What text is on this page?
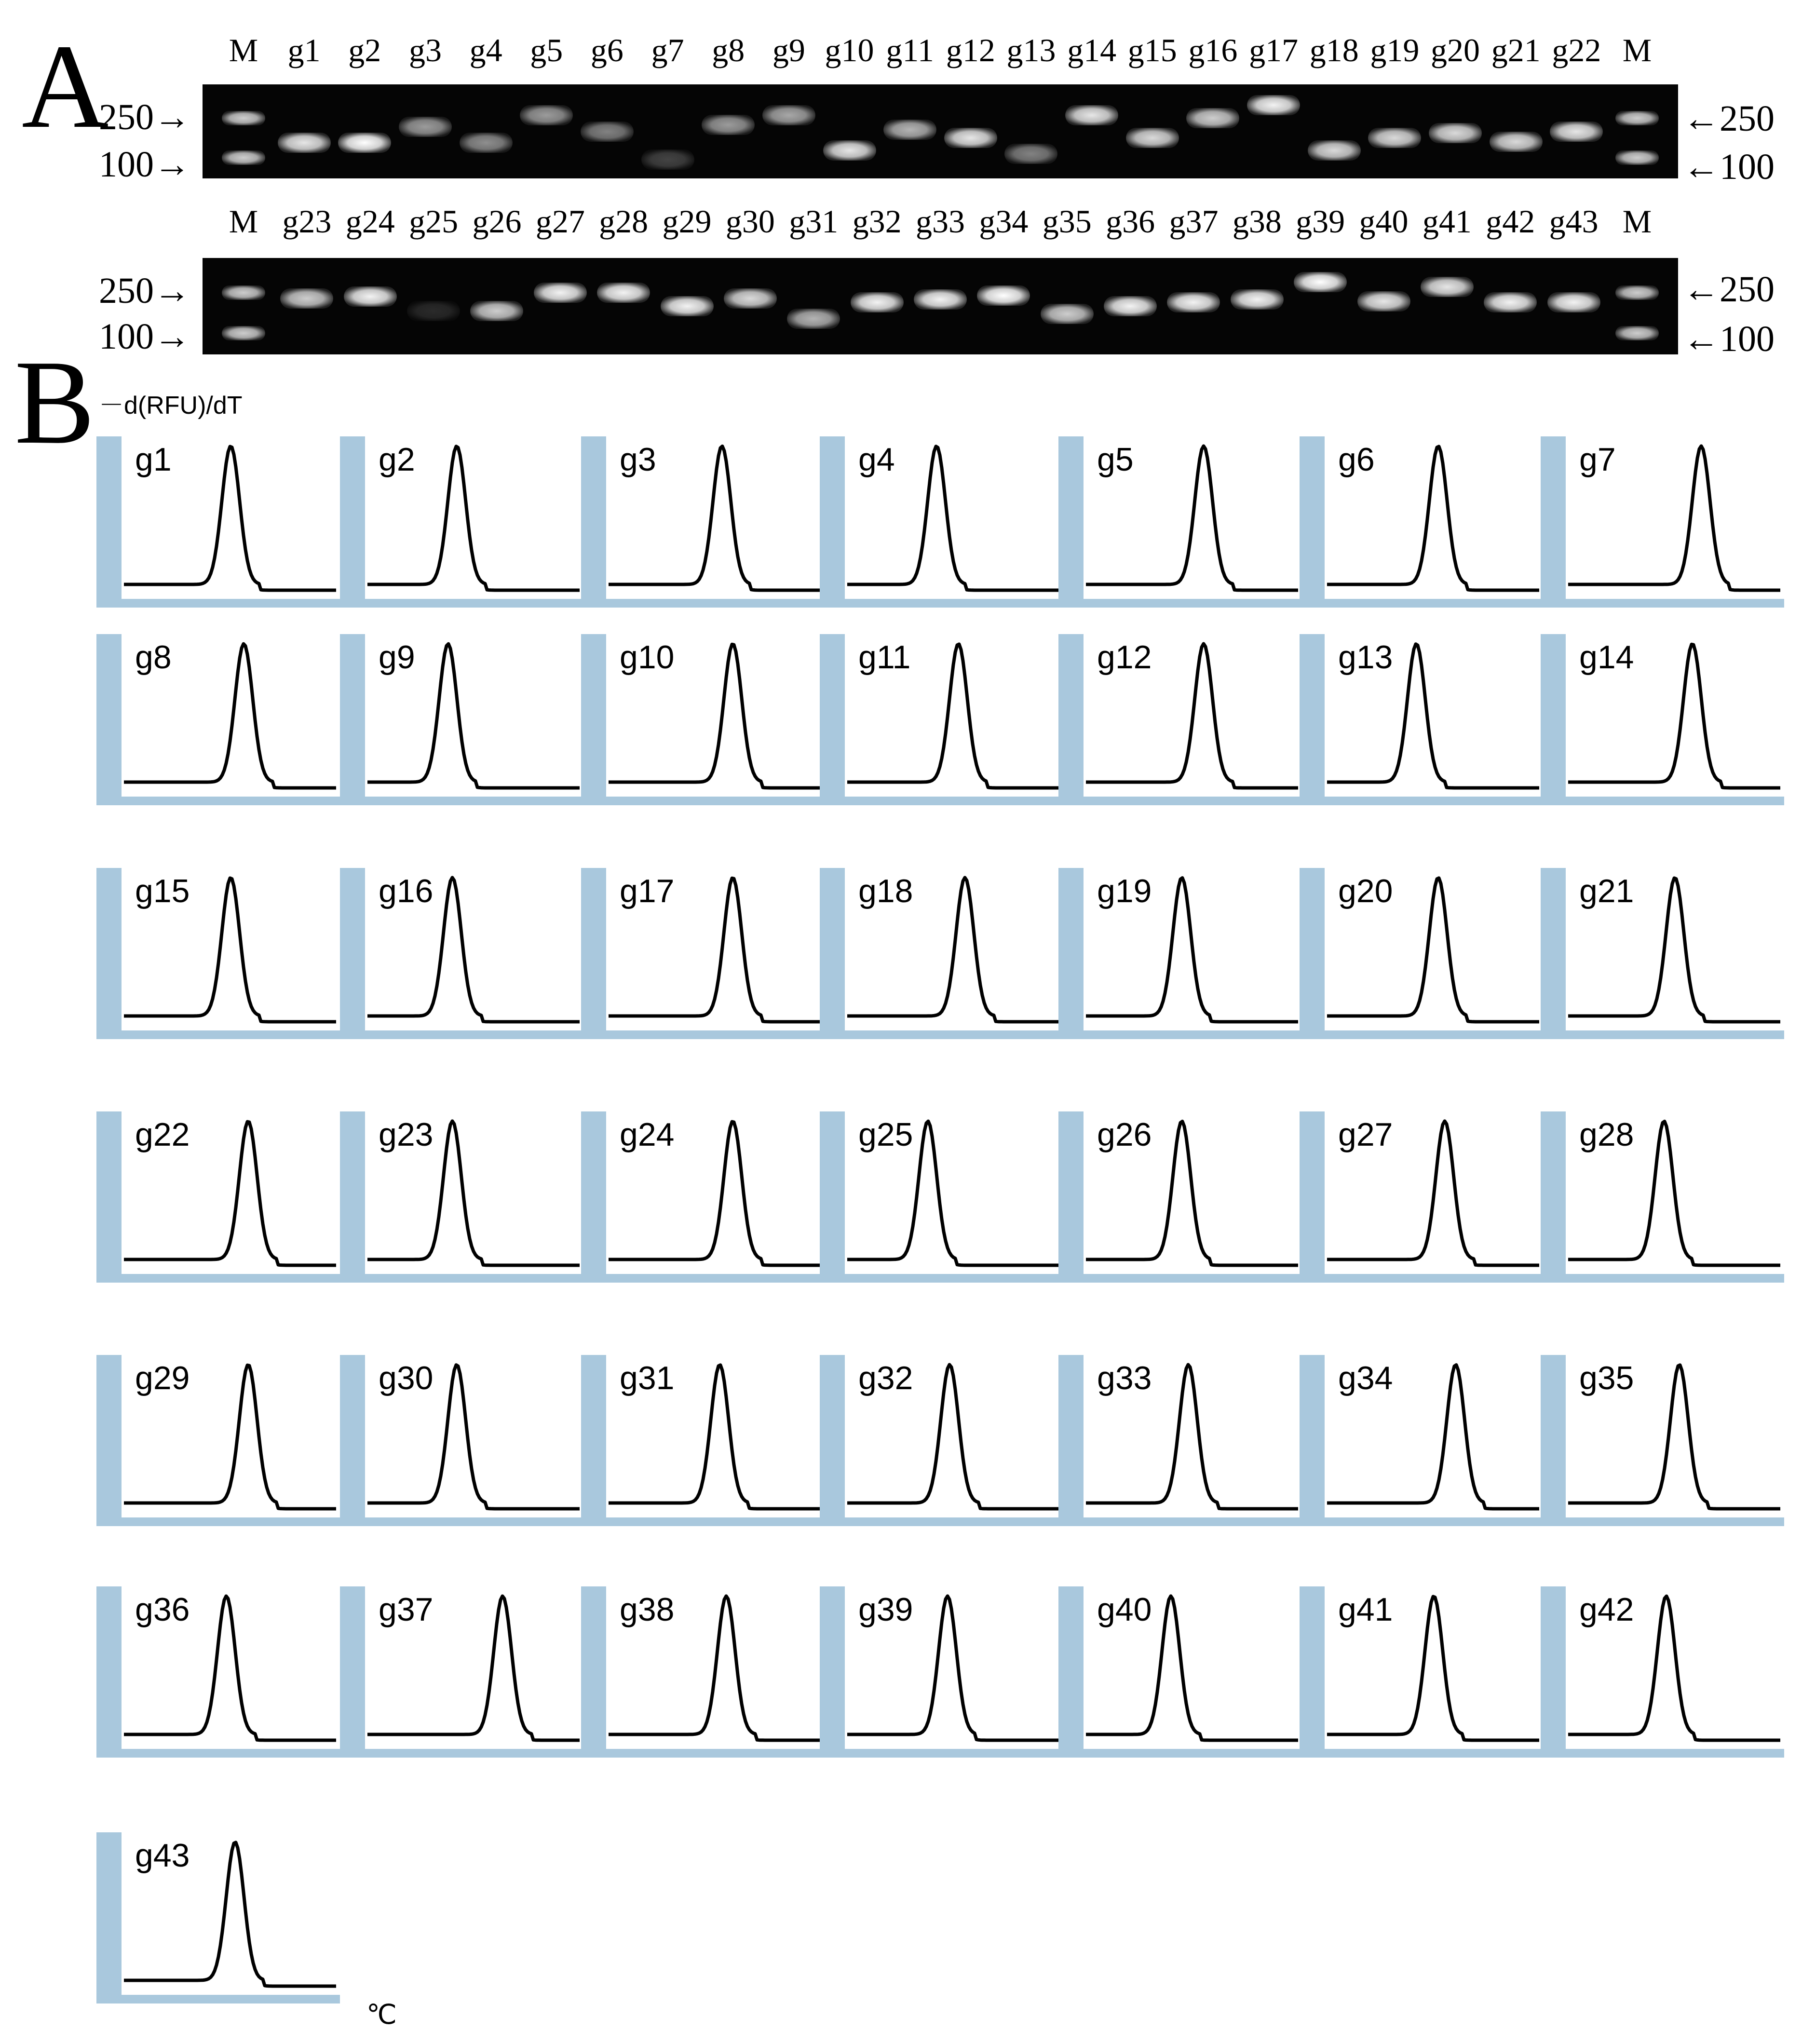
A	M g1 g2 g3 g4 g5 g6 g7 g8 g9 g10 g11 g12 g13 g14 g15 g16 g17 g18 g19 g20 g21 g22 M
M g23 g24 g25 g26 g27 g28 g29 g30 g31 g32 g33 g34 g35 g36 g37 g38 g39 g40 g41 g42 g43 M
250→
100→
←250
←100
250→
100→
←250
←100
B －d(RFU)/dT
g1	g2	g3	g4	g5	g6	g7
g8	g9	g10	g11	g12	g13	g14
g15	g16	g17	g18	g19	g20	g21
g22	g23	g24	g25	g26	g27	g28
g29	g30	g31	g32	g33	g34	g35
g36	g37	g38	g39	g40	g41	g42
g43
℃
